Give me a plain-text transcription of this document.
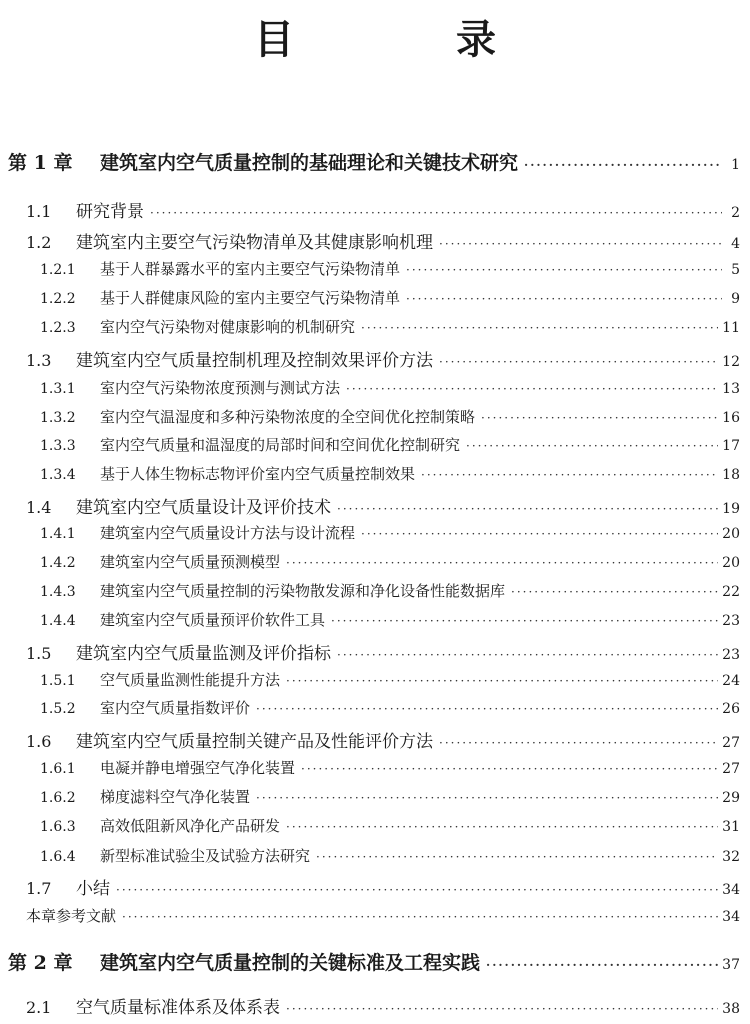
目 录
第 1 章	建筑室内空气质量控制的基础理论和关键技术研究 ·····	1
1.1	研究背景 ·····	2
1.2	建筑室内主要空气污染物清单及其健康影响机理 ·····	4
1.2.1	基于人群暴露水平的室内主要空气污染物清单 ·····	5
1.2.2	基于人群健康风险的室内主要空气污染物清单 ·····	9
1.2.3	室内空气污染物对健康影响的机制研究 ·····	11
1.3	建筑室内空气质量控制机理及控制效果评价方法 ·····	12
1.3.1	室内空气污染物浓度预测与测试方法 ·····	13
1.3.2	室内空气温湿度和多种污染物浓度的全空间优化控制策略 ·····	16
1.3.3	室内空气质量和温湿度的局部时间和空间优化控制研究 ·····	17
1.3.4	基于人体生物标志物评价室内空气质量控制效果 ·····	18
1.4	建筑室内空气质量设计及评价技术 ·····	19
1.4.1	建筑室内空气质量设计方法与设计流程 ·····	20
1.4.2	建筑室内空气质量预测模型 ·····	20
1.4.3	建筑室内空气质量控制的污染物散发源和净化设备性能数据库 ·····	22
1.4.4	建筑室内空气质量预评价软件工具 ·····	23
1.5	建筑室内空气质量监测及评价指标 ·····	23
1.5.1	空气质量监测性能提升方法 ·····	24
1.5.2	室内空气质量指数评价 ·····	26
1.6	建筑室内空气质量控制关键产品及性能评价方法 ·····	27
1.6.1	电凝并静电增强空气净化装置 ·····	27
1.6.2	梯度滤料空气净化装置 ·····	29
1.6.3	高效低阻新风净化产品研发 ·····	31
1.6.4	新型标准试验尘及试验方法研究 ·····	32
1.7	小结 ·····	34
本章参考文献 ·····	34
第 2 章	建筑室内空气质量控制的关键标准及工程实践 ·····	37
2.1	空气质量标准体系及体系表 ·····	38
